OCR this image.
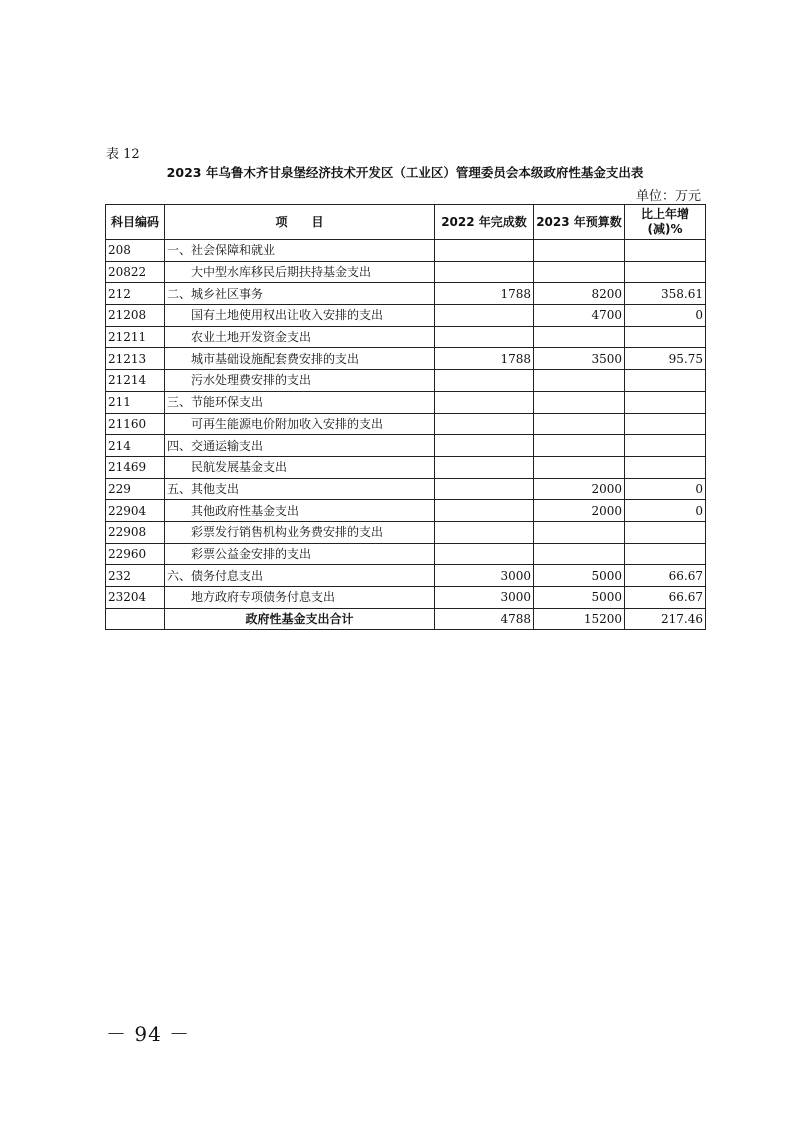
表 12
2023 年乌鲁木齐甘泉堡经济技术开发区（工业区）管理委员会本级政府性基金支出表
单位：万元
科目编码	项　　目	2022 年完成数	2023 年预算数	比上年增
(减)%
208	一、社会保障和就业			
20822	大中型水库移民后期扶持基金支出			
212	二、城乡社区事务	1788	8200	358.61
21208	国有土地使用权出让收入安排的支出		4700	0
21211	农业土地开发资金支出			
21213	城市基础设施配套费安排的支出	1788	3500	95.75
21214	污水处理费安排的支出			
211	三、节能环保支出			
21160	可再生能源电价附加收入安排的支出			
214	四、交通运输支出			
21469	民航发展基金支出			
229	五、其他支出		2000	0
22904	其他政府性基金支出		2000	0
22908	彩票发行销售机构业务费安排的支出			
22960	彩票公益金安排的支出			
232	六、债务付息支出	3000	5000	66.67
23204	地方政府专项债务付息支出	3000	5000	66.67
	政府性基金支出合计	4788	15200	217.46
－ 94 －
